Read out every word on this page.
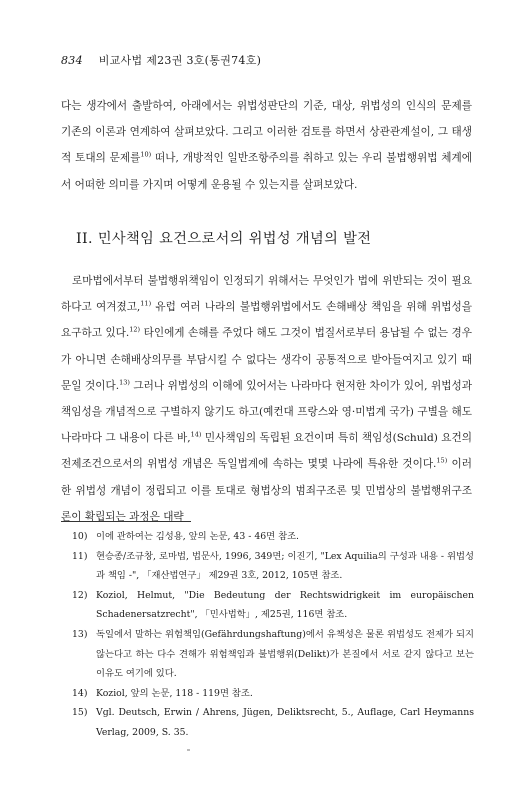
834 비교사법 제23권 3호(통권74호)

다는 생각에서 출발하여, 아래에서는 위법성판단의 기준, 대상, 위법성의 인식의 문제를 기존의 이론과 연계하여 살펴보았다. 그리고 이러한 검토를 하면서 상관관계설이, 그 태생적 토대의 문제를$^{10)}$ 떠나, 개방적인 일반조항주의를 취하고 있는 우리 불법행위법 체계에서 어떠한 의미를 가지며 어떻게 운용될 수 있는지를 살펴보았다.

II. 민사책임 요건으로서의 위법성 개념의 발전

로마법에서부터 불법행위책임이 인정되기 위해서는 무엇인가 법에 위반되는 것이 필요하다고 여겨졌고,$^{11)}$ 유럽 여러 나라의 불법행위법에서도 손해배상 책임을 위해 위법성을 요구하고 있다.$^{12)}$ 타인에게 손해를 주었다 해도 그것이 법질서로부터 용납될 수 없는 경우가 아니면 손해배상의무를 부담시킬 수 없다는 생각이 공통적으로 받아들여지고 있기 때문일 것이다.$^{13)}$ 그러나 위법성의 이해에 있어서는 나라마다 현저한 차이가 있어, 위법성과 책임성을 개념적으로 구별하지 않기도 하고(예컨대 프랑스와 영·미법계 국가) 구별을 해도 나라마다 그 내용이 다른 바,$^{14)}$ 민사책임의 독립된 요건이며 특히 책임성(Schuld) 요건의 전제조건으로서의 위법성 개념은 독일법계에 속하는 몇몇 나라에 특유한 것이다.$^{15)}$ 이러한 위법성 개념이 정립되고 이를 토대로 형법상의 범죄구조론 및 민법상의 불법행위구조론이 확립되는 과정은 대략

10) 이에 관하여는 김성용, 앞의 논문, 43 - 46면 참조.
11) 현승종/조규창, 로마법, 법문사, 1996, 349면; 이진기, "Lex Aquilia의 구성과 내용 - 위법성과 책임 -", 「재산법연구」 제29권 3호, 2012, 105면 참조.
12) Koziol, Helmut, "Die Bedeutung der Rechtswidrigkeit im europäischen Schadenersatzrecht", 「민사법학」, 제25권, 116면 참조.
13) 독일에서 말하는 위험책임(Gefährdungshaftung)에서 유책성은 물론 위법성도 전제가 되지 않는다고 하는 다수 견해가 위험책임과 불법행위(Delikt)가 본질에서 서로 같지 않다고 보는 이유도 여기에 있다.
14) Koziol, 앞의 논문, 118 - 119면 참조.
15) Vgl. Deutsch, Erwin / Ahrens, Jügen, Deliktsrecht, 5., Auflage, Carl Heymanns Verlag, 2009, S. 35.
